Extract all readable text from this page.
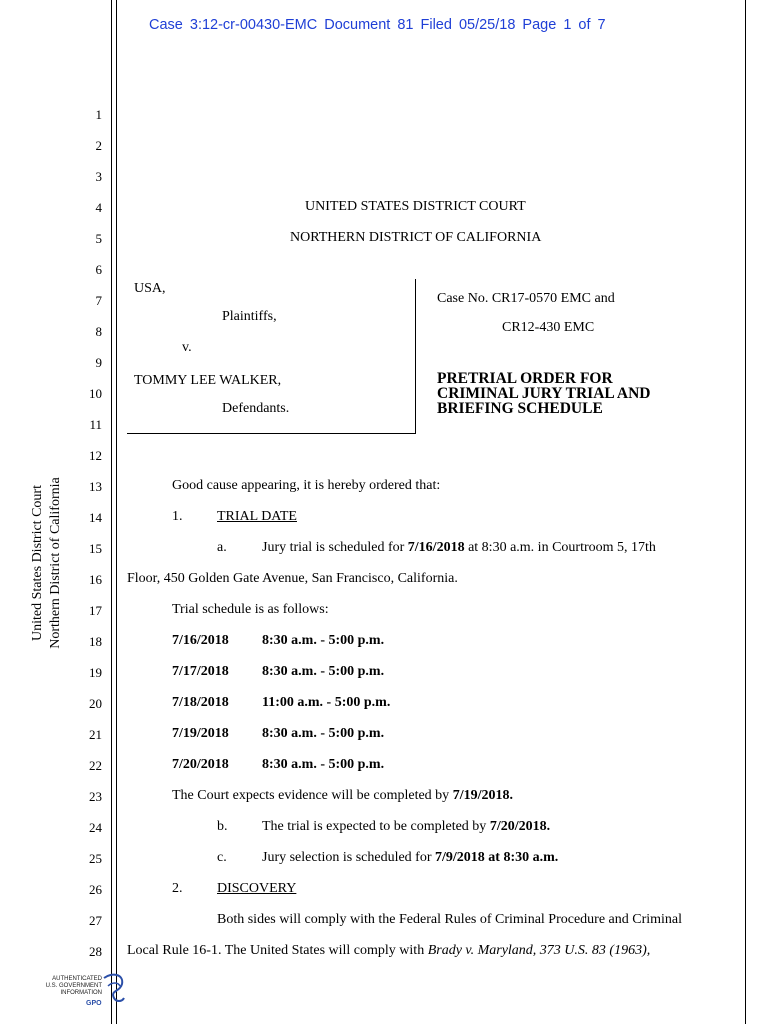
Case 3:12-cr-00430-EMC Document 81 Filed 05/25/18 Page 1 of 7
1
2
3
4
5
6
7
8
9
10
11
12
13
14
15
16
17
18
19
20
21
22
23
24
25
26
27
28
United States District Court Northern District of California
UNITED STATES DISTRICT COURT
NORTHERN DISTRICT OF CALIFORNIA
USA,
Plaintiffs,
v.
TOMMY LEE WALKER,
Defendants.
Case No. CR17-0570 EMC and
CR12-430 EMC
PRETRIAL ORDER FOR
CRIMINAL JURY TRIAL AND
BRIEFING SCHEDULE
Good cause appearing, it is hereby ordered that:
1. TRIAL DATE
a.	Jury trial is scheduled for 7/16/2018 at 8:30 a.m. in Courtroom 5, 17th
Floor, 450 Golden Gate Avenue, San Francisco, California.
Trial schedule is as follows:
7/16/2018 8:30 a.m. - 5:00 p.m.
7/17/2018 8:30 a.m. - 5:00 p.m.
7/18/2018 11:00 a.m. - 5:00 p.m.
7/19/2018 8:30 a.m. - 5:00 p.m.
7/20/2018 8:30 a.m. - 5:00 p.m.
The Court expects evidence will be completed by 7/19/2018.
b. The trial is expected to be completed by 7/20/2018.
c.	Jury selection is scheduled for 7/9/2018 at 8:30 a.m.
2. DISCOVERY
Both sides will comply with the Federal Rules of Criminal Procedure and Criminal
Local Rule 16-1. The United States will comply with Brady v. Maryland, 373 U.S. 83 (1963),
AUTHENTICATED
U.S. GOVERNMENT
INFORMATION
GPO
